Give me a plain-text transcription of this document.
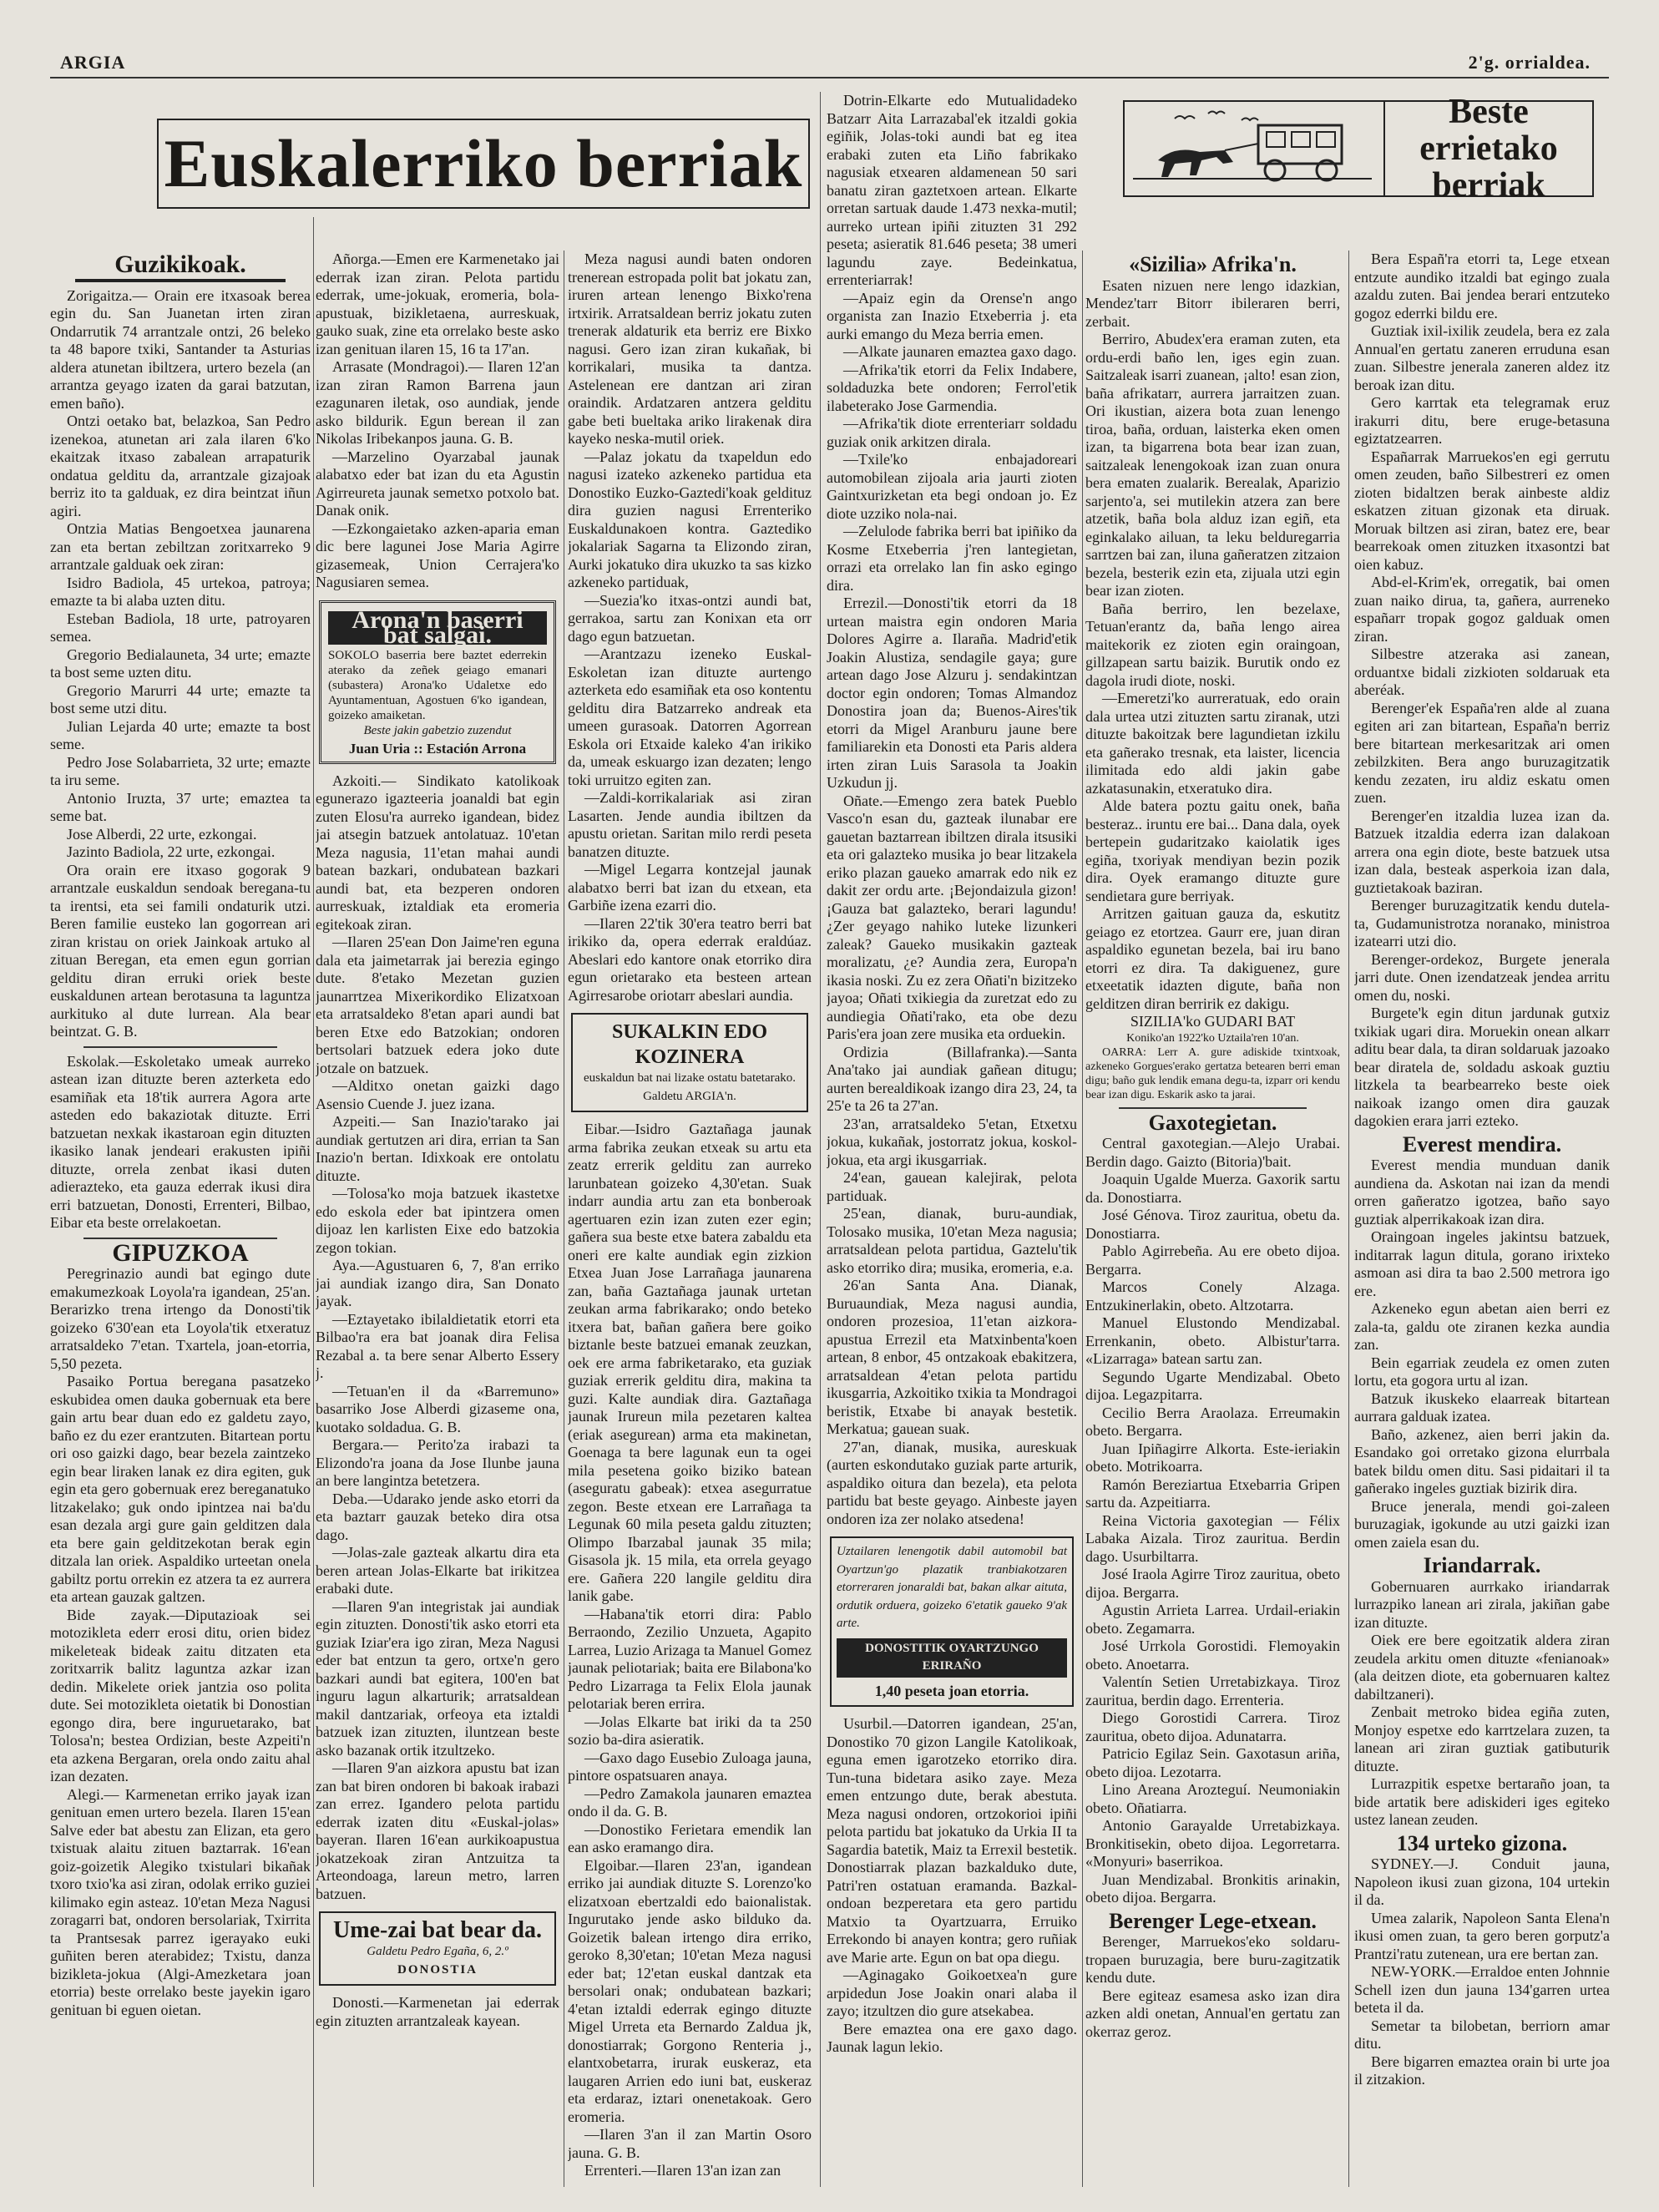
ARGIA	2'g. orrialdea.
Euskalerriko berriak
Beste errietako berriak
Guzikikoak.

Zorigaitza.— Orain ere itxasoak berea egin du. San Juanetan irten ziran Ondarrutik 74 arrantzale ontzi, 26 beleko ta 48 bapore txiki, Santander ta Asturias aldera atunetan ibiltzera, urtero bezela (an arrantza geyago izaten da garai batzutan, emen baño).

Ontzi oetako bat, belazkoa, San Pedro izenekoa, atunetan ari zala ilaren 6'ko ekaitzak itxaso zabalean arrapaturik ondatua gelditu da, arrantzale gizajoak berriz ito ta galduak, ez dira beintzat iñun agiri.

Ontzia Matias Bengoetxea jaunarena zan eta bertan zebiltzan zoritxarreko 9 arrantzale galduak oek ziran:

Isidro Badiola, 45 urtekoa, patroya; emazte ta bi alaba uzten ditu.

Esteban Badiola, 18 urte, patroyaren semea.

Gregorio Bedialauneta, 34 urte; emazte ta bost seme uzten ditu.

Gregorio Marurri 44 urte; emazte ta bost seme utzi ditu.

Julian Lejarda 40 urte; emazte ta bost seme.

Pedro Jose Solabarrieta, 32 urte; emazte ta iru seme.

Antonio Iruzta, 37 urte; emaztea ta seme bat.

Jose Alberdi, 22 urte, ezkongai.

Jazinto Badiola, 22 urte, ezkongai.

Ora orain ere itxaso gogorak 9 arrantzale euskaldun sendoak beregana-tu ta irentsi, eta sei famili ondaturik utzi. Beren familie eusteko lan gogorrean ari ziran kristau on oriek Jainkoak artuko al zituan Beregan, eta emen egun gorrian gelditu diran erruki oriek beste euskaldunen artean berotasuna ta laguntza aurkituko al dute lurrean. Ala bear beintzat. G. B.

Eskolak.—Eskoletako umeak aurreko astean izan dituzte beren azterketa edo esamiñak eta 18'tik aurrera Agora arte asteden edo bakaziotak dituzte. Erri batzuetan nexkak ikastaroan egin dituzten ikasiko lanak jendeari erakusten ipiñi dituzte, orrela zenbat ikasi duten adierazteko, eta gauza ederrak ikusi dira erri batzuetan, Donosti, Errenteri, Bilbao, Eibar eta beste orrelakoetan.

GIPUZKOA

Peregrinazio aundi bat egingo dute emakumezkoak Loyola'ra igandean, 25'an. Berarizko trena irtengo da Donosti'tik goizeko 6'30'ean eta Loyola'tik etxeratuz arratsaldeko 7'etan. Txartela, joan-etorria, 5,50 pezeta.

Pasaiko Portua beregana pasatzeko eskubidea omen dauka gobernuak eta bere gain artu bear duan edo ez galdetu zayo, baño ez du ezer erantzuten. Bitartean portu ori oso gaizki dago, bear bezela zaintzeko egin bear liraken lanak ez dira egiten, guk egin eta gero gobernuak erez bereganatuko litzakelako; guk ondo ipintzea nai ba'du esan dezala argi gure gain gelditzen dala eta bere gain gelditzekotan berak egin ditzala lan oriek. Aspaldiko urteetan onela gabiltz portu orrekin ez atzera ta ez aurrera eta artean gauzak galtzen.

Bide zayak.—Diputazioak sei motozikleta ederr erosi ditu, orien bidez mikeleteak bideak zaitu ditzaten eta zoritxarrik balitz laguntza azkar izan dedin. Mikelete oriek jantzia oso polita dute. Sei motozikleta oietatik bi Donostian egongo dira, bere inguruetarako, bat Tolosa'n; bestea Ordizian, beste Azpeiti'n eta azkena Bergaran, orela ondo zaitu ahal izan dezaten.

Alegi.— Karmenetan erriko jayak izan genituan emen urtero bezela. Ilaren 15'ean Salve eder bat abestu zan Elizan, eta gero txistuak alaitu zituen baztarrak. 16'ean goiz-goizetik Alegiko txistulari bikañak txoro txio'ka asi ziran, odolak erriko guziei kilimako egin asteaz. 10'etan Meza Nagusi zoragarri bat, ondoren bersolariak, Txirrita ta Prantsesak parrez igerayako euki guñiten beren aterabidez; Txistu, danza bizikleta-jokua (Algi-Amezketara joan etorria) beste orrelako beste jayekin igaro genituan bi eguen oietan.

Añorga.—Emen ere Karmenetako jai ederrak izan ziran. Pelota partidu ederrak, ume-jokuak, eromeria, bola-apustuak, bizikletaena, aurreskuak, gauko suak, zine eta orrelako beste asko izan genituan ilaren 15, 16 ta 17'an.

Arrasate (Mondragoi).— Ilaren 12'an izan ziran Ramon Barrena jaun ezagunaren iletak, oso aundiak, jende asko bildurik. Egun berean il zan Nikolas Iribekanpos jauna. G. B.

—Marzelino Oyarzabal jaunak alabatxo eder bat izan du eta Agustin Agirreureta jaunak semetxo potxolo bat. Danak onik.

—Ezkongaietako azken-aparia eman dic bere lagunei Jose Maria Agirre gizasemeak, Union Cerrajera'ko Nagusiaren semea.

Arona'n baserri bat salgai.
SOKOLO baserria bere baztet ederrekin aterako da zeñek geiago emanari (subastera) Arona'ko Udaletxe edo Ayuntamentuan, Agostuen 6'ko igandean, goizeko amaiketan.
Beste jakin gabetzio zuzendut
Juan Uria :: Estación Arrona

Azkoiti.— Sindikato katolikoak egunerazo igazteeria joanaldi bat egin zuten Elosu'ra aurreko igandean, bidez jai atsegin batzuek antolatuaz. 10'etan Meza nagusia, 11'etan mahai aundi batean bazkari, ondubatean bazkari aundi bat, eta bezperen ondoren aurreskuak, iztaldiak eta eromeria egitekoak ziran.

—Ilaren 25'ean Don Jaime'ren eguna dala eta jaimetarrak jai berezia egingo dute. 8'etako Mezetan guzien jaunarrtzea Mixerikordiko Elizatxoan eta arratsaldeko 8'etan apari aundi bat beren Etxe edo Batzokian; ondoren bertsolari batzuek edera joko dute jotzale on batzuek.

—Alditxo onetan gaizki dago Asensio Cuende J. juez izana.

Azpeiti.— San Inazio'tarako jai aundiak gertutzen ari dira, errian ta San Inazio'n bertan. Idixkoak ere ontolatu dituzte.

—Tolosa'ko moja batzuek ikastetxe edo eskola eder bat ipintzera omen dijoaz len karlisten Eixe edo batzokia zegon tokian.

Aya.—Agustuaren 6, 7, 8'an erriko jai aundiak izango dira, San Donato jayak.

—Eztayetako ibilaldietatik etorri eta Bilbao'ra era bat joanak dira Felisa Rezabal a. ta bere senar Alberto Essery j.

—Tetuan'en il da «Barremuno» basarriko Jose Alberdi gizaseme ona, kuotako soldadua. G. B.

Bergara.— Perito'za irabazi ta Elizondo'ra joana da Jose Ilunbe jauna an bere langintza betetzera.

Deba.—Udarako jende asko etorri da eta baztarr gauzak beteko dira otsa dago.

—Jolas-zale gazteak alkartu dira eta beren artean Jolas-Elkarte bat irikitzea erabaki dute.

—Ilaren 9'an integristak jai aundiak egin zituzten. Donosti'tik asko etorri eta guziak Iziar'era igo ziran, Meza Nagusi eder bat entzun ta gero, ortxe'n gero bazkari aundi bat egitera, 100'en bat inguru lagun alkarturik; arratsaldean makil dantzariak, orfeoya eta iztaldi batzuek izan zituzten, iluntzean beste asko bazanak ortik itzultzeko.

—Ilaren 9'an aizkora apustu bat izan zan bat biren ondoren bi bakoak irabazi zan errez. Igandero pelota partidu ederrak izaten ditu «Euskal-jolas» bayeran. Ilaren 16'ean aurkikoapustua jokatzekoak ziran Antzuitza ta Arteondoaga, lareun metro, larren batzuen.

Ume-zai bat bear da.
Galdetu Pedro Egaña, 6, 2.º
DONOSTIA

Donosti.—Karmenetan jai ederrak egin zituzten arrantzaleak kayean.

Meza nagusi aundi baten ondoren trenerean estropada polit bat jokatu zan, iruren artean lenengo Bixko'rena irtxirik. Arratsaldean berriz jokatu zuten trenerak aldaturik eta berriz ere Bixko nagusi. Gero izan ziran kukañak, bi korrikalari, musika ta dantza. Astelenean ere dantzan ari ziran oraindik. Ardatzaren antzera gelditu gabe beti bueltaka ariko lirakenak dira kayeko neska-mutil oriek.

—Palaz jokatu da txapeldun edo nagusi izateko azkeneko partidua eta Donostiko Euzko-Gaztedi'koak geldituz dira guzien nagusi Errenteriko Euskaldunakoen kontra. Gaztediko jokalariak Sagarna ta Elizondo ziran, Aurki jokatuko dira ukuzko ta sas kizko azkeneko partiduak,

—Suezia'ko itxas-ontzi aundi bat, gerrakoa, sartu zan Konixan eta orr dago egun batzuetan.

—Arantzazu izeneko Euskal-Eskoletan izan dituzte aurtengo azterketa edo esamiñak eta oso kontentu gelditu dira Batzarreko andreak eta umeen gurasoak. Datorren Agorrean Eskola ori Etxaide kaleko 4'an irikiko da, umeak eskuargo izan dezaten; lengo toki urruitzo egiten zan.

—Zaldi-korrikalariak asi ziran Lasarten. Jende aundia ibiltzen da apustu orietan. Saritan milo rerdi peseta banatzen dituzte.

—Migel Legarra kontzejal jaunak alabatxo berri bat izan du etxean, eta Garbiñe izena ezarri dio.

—Ilaren 22'tik 30'era teatro berri bat irikiko da, opera ederrak eraldúaz. Abeslari edo kantore onak etorriko dira egun orietarako eta besteen artean Agirresarobe oriotarr abeslari aundia.

SUKALKIN EDO KOZINERA
euskaldun bat nai lizake ostatu batetarako. Galdetu ARGIA'n.

Eibar.—Isidro Gaztañaga jaunak arma fabrika zeukan etxeak su artu eta zeatz errerik gelditu zan aurreko larunbatean goizeko 4,30'etan. Suak indarr aundia artu zan eta bonberoak agertuaren ezin izan zuten ezer egin; gañera sua beste etxe batera zabaldu eta oneri ere kalte aundiak egin zizkion Etxea Juan Jose Larrañaga jaunarena zan, baña Gaztañaga jaunak urtetan zeukan arma fabrikarako; ondo beteko itxera bat, bañan gañera bere goiko biztanle beste batzuei emanak zeuzkan, oek ere arma fabriketarako, eta guziak guziak errerik gelditu dira, makina ta guzi. Kalte aundiak dira. Gaztañaga jaunak Irureun mila pezetaren kaltea (eriak asegurean) arma eta makinetan, Goenaga ta bere lagunak eun ta ogei mila pesetena goiko biziko batean (aseguratu gabeak): etxea asegurratue zegon. Beste etxean ere Larrañaga ta Legunak 60 mila peseta galdu zituzten; Olimpo Ibarzabal jaunak 35 mila; Gisasola jk. 15 mila, eta orrela geyago ere. Gañera 220 langile gelditu dira lanik gabe.

—Habana'tik etorri dira: Pablo Berraondo, Zezilio Unzueta, Agapito Larrea, Luzio Arizaga ta Manuel Gomez jaunak peliotariak; baita ere Bilabona'ko Pedro Lizarraga ta Felix Elola jaunak pelotariak beren errira.

—Jolas Elkarte bat iriki da ta 250 sozio ba-dira asieratik.

—Gaxo dago Eusebio Zuloaga jauna, pintore ospatsuaren anaya.

—Pedro Zamakola jaunaren emaztea ondo il da. G. B.

—Donostiko Ferietara emendik lan ean asko eramango dira.

Elgoibar.—Ilaren 23'an, igandean erriko jai aundiak dituzte S. Lorenzo'ko elizatxoan ebertzaldi edo baionalistak. Ingurutako jende asko bilduko da. Goizetik balean irtengo dira erriko, geroko 8,30'etan; 10'etan Meza nagusi eder bat; 12'etan euskal dantzak eta bersolari onak; ondubatean bazkari; 4'etan iztaldi ederrak egingo dituzte Migel Urreta eta Bernardo Zaldua jk, donostiarrak; Gorgono Renteria j., elantxobetarra, irurak euskeraz, eta laugaren Arrien edo iuni bat, euskeraz eta erdaraz, iztari onenetakoak. Gero eromeria.

—Ilaren 3'an il zan Martin Osoro jauna. G. B.

Errenteri.—Ilaren 13'an izan zan

Dotrin-Elkarte edo Mutualidadeko Batzarr Aita Larrazabal'ek itzaldi gokia egiñik, Jolas-toki aundi bat eg itea erabaki zuten eta Liño fabrikako nagusiak etxearen aldamenean 50 sari banatu ziran gaztetxoen artean. Elkarte orretan sartuak daude 1.473 nexka-mutil; aurreko urtean ipiñi zituzten 31 292 peseta; asieratik 81.646 peseta; 38 umeri lagundu zaye. Bedeinkatua, errenteriarrak!

—Apaiz egin da Orense'n ango organista zan Inazio Etxeberria j. eta aurki emango du Meza berria emen.

—Alkate jaunaren emaztea gaxo dago.

—Afrika'tik etorri da Felix Indabere, soldaduzka bete ondoren; Ferrol'etik ilabeterako Jose Garmendia.

—Afrika'tik diote errenteriarr soldadu guziak onik arkitzen dirala.

—Txile'ko enbajadoreari automobilean zijoala aria jaurti zioten Gaintxurizketan eta begi ondoan jo. Ez diote uzziko nola-nai.

—Zelulode fabrika berri bat ipiñiko da Kosme Etxeberria j'ren lantegietan, orrazi eta orrelako lan fin asko egingo dira.

Errezil.—Donosti'tik etorri da 18 urtean maistra egin ondoren Maria Dolores Agirre a. Ilaraña. Madrid'etik Joakin Alustiza, sendagile gaya; gure artean dago Jose Alzuru j. sendakintzan doctor egin ondoren; Tomas Almandoz Donostira joan da; Buenos-Aires'tik etorri da Migel Aranburu jaune bere familiarekin eta Donosti eta Paris aldera irten ziran Luis Sarasola ta Joakin Uzkudun jj.

Oñate.—Emengo zera batek Pueblo Vasco'n esan du, gazteak ilunabar ere gauetan baztarrean ibiltzen dirala itsusiki eta ori galazteko musika jo bear litzakela eriko plazan gaueko amarrak edo nik ez dakit zer ordu arte. ¡Bejondaizula gizon! ¡Gauza bat galazteko, berari lagundu! ¿Zer geyago nahiko luteke lizunkeri zaleak? Gaueko musikakin gazteak moralizatu, ¿e? Aundia zera, Europa'n ikasia noski. Zu ez zera Oñati'n bizitzeko jayoa; Oñati txikiegia da zuretzat edo zu aundiegia Oñati'rako, eta obe dezu Paris'era joan zere musika eta orduekin.

Ordizia (Billafranka).—Santa Ana'tako jai aundiak gañean ditugu; aurten berealdikoak izango dira 23, 24, ta 25'e ta 26 ta 27'an.

23'an, arratsaldeko 5'etan, Etxetxu jokua, kukañak, jostorratz jokua, koskol-jokua, eta argi ikusgarriak.

24'ean, gauean kalejirak, pelota partiduak.

25'ean, dianak, buru-aundiak, Tolosako musika, 10'etan Meza nagusia; arratsaldean pelota partidua, Gaztelu'tik asko etorriko dira; musika, eromeria, e.a.

26'an Santa Ana. Dianak, Buruaundiak, Meza nagusi aundia, ondoren prozesioa, 11'etan aizkora-apustua Errezil eta Matxinbenta'koen artean, 8 enbor, 45 ontzakoak ebakitzera, arratsaldean 4'etan pelota partidu ikusgarria, Azkoitiko txikia ta Mondragoi beristik, Etxabe bi anayak bestetik. Merkatua; gauean suak.

27'an, dianak, musika, aureskuak (aurten eskondutako guziak parte arturik, aspaldiko oitura dan bezela), eta pelota partidu bat beste geyago. Ainbeste jayen ondoren iza zer nolako atsedena!

Uztailaren lenengotik dabil automobil bat Oyartzun'go plazatik tranbiakotzaren etorreraren jonaraldi bat, bakan alkar aituta, ordutik orduera, goizeko 6'etatik gaueko 9'ak arte.
DONOSTITIK OYARTZUNGO ERIRAÑO
1,40 peseta joan etorria.

Usurbil.—Datorren igandean, 25'an, Donostiko 70 gizon Langile Katolikoak, eguna emen igarotzeko etorriko dira. Tun-tuna bidetara asiko zaye. Meza emen entzungo dute, berak abestuta. Meza nagusi ondoren, ortzokorioi ipiñi pelota partidu bat jokatuko da Urkia II ta Sagardia batetik, Maiz ta Errexil bestetik. Donostiarrak plazan bazkalduko dute, Patri'ren ostatuan eramanda. Bazkal-ondoan bezperetara eta gero partidu Matxio ta Oyartzuarra, Erruiko Errekondo bi anayen kontra; gero ruñiak ave Marie arte. Egun on bat opa diegu.

—Aginagako Goikoetxea'n gure arpidedun Jose Joakin onari alaba il zayo; itzultzen dio gure atsekabea.

Bere emaztea ona ere gaxo dago. Jaunak lagun lekio.

«Sizilia» Afrika'n.

Esaten nizuen nere lengo idazkian, Mendez'tarr Bitorr ibileraren berri, zerbait.

Berriro, Abudex'era eraman zuten, eta ordu-erdi baño len, iges egin zuan. Saitzaleak isarri zuanean, ¡alto! esan zion, baña afrikatarr, aurrera jarraitzen zuan. Ori ikustian, aizera bota zuan lenengo tiroa, baña, orduan, laisterka eken omen izan, ta bigarrena bota bear izan zuan, saitzaleak lenengokoak izan zuan onura bera ematen zualarik. Berealak, Aparizio sarjento'a, sei mutilekin atzera zan bere atzetik, baña bola alduz izan egiñ, eta eginkalako ailuan, ta leku belduregarria sarrtzen bai zan, iluna gañeratzen zitzaion bezela, besterik ezin eta, zijuala utzi egin bear izan zioten.

Baña berriro, len bezelaxe, Tetuan'erantz da, baña lengo airea maitekorik ez zioten egin oraingoan, gillzapean sartu baizik. Burutik ondo ez dagola irudi diote, noski.

—Emeretzi'ko aurreratuak, edo orain dala urtea utzi zituzten sartu ziranak, utzi dituzte bakoitzak bere lagundietan izkilu eta gañerako tresnak, eta laister, licencia ilimitada edo aldi jakin gabe azkatasunakin, etxeratuko dira.

Alde batera poztu gaitu onek, baña besteraz.. iruntu ere bai... Dana dala, oyek bertepein gudaritzako kaiolatik iges egiña, txoriyak mendiyan bezin pozik dira. Oyek eramango dituzte gure sendietara gure berriyak.

Arritzen gaituan gauza da, eskutitz geiago ez etortzea. Gaurr ere, juan diran aspaldiko egunetan bezela, bai iru bano etorri ez dira. Ta dakiguenez, gure etxeetatik idazten digute, baña non gelditzen diran berririk ez dakigu.

SIZILIA'ko GUDARI BAT

Koniko'an 1922'ko Uztaila'ren 10'an.

OARRA: Lerr A. gure adiskide txintxoak, azkeneko Gorgues'erako gertatza betearen berri eman digu; baño guk lendik emana degu-ta, izparr ori kendu bear izan digu. Eskarik asko ta jarai.

Gaxotegietan.

Central gaxotegian.—Alejo Urabai. Berdin dago. Gaizto (Bitoria)'bait.

Joaquin Ugalde Muerza. Gaxorik sartu da. Donostiarra.

José Génova. Tiroz zauritua, obetu da. Donostiarra.

Pablo Agirrebeña. Au ere obeto dijoa. Bergarra.

Marcos Conely Alzaga. Entzukinerlakin, obeto. Altzotarra.

Manuel Elustondo Mendizabal. Errenkanin, obeto. Albistur'tarra. «Lizarraga» batean sartu zan.

Segundo Ugarte Mendizabal. Obeto dijoa. Legazpitarra.

Cecilio Berra Araolaza. Erreumakin obeto. Bergarra.

Juan Ipiñagirre Alkorta. Este-ieriakin obeto. Motrikoarra.

Ramón Bereziartua Etxebarria Gripen sartu da. Azpeitiarra.

Reina Victoria gaxotegian — Félix Labaka Aizala. Tiroz zauritua. Berdin dago. Usurbiltarra.

José Iraola Agirre Tiroz zauritua, obeto dijoa. Bergarra.

Agustin Arrieta Larrea. Urdail-eriakin obeto. Zegamarra.

José Urrkola Gorostidi. Flemoyakin obeto. Anoetarra.

Valentín Setien Urretabizkaya. Tiroz zauritua, berdin dago. Errenteria.

Diego Gorostidi Carrera. Tiroz zauritua, obeto dijoa. Adunatarra.

Patricio Egilaz Sein. Gaxotasun ariña, obeto dijoa. Lezotarra.

Lino Areana Arozteguí. Neumoniakin obeto. Oñatiarra.

Antonio Garayalde Urretabizkaya. Bronkitisekin, obeto dijoa. Legorretarra. «Monyuri» baserrikoa.

Juan Mendizabal. Bronkitis arinakin, obeto dijoa. Bergarra.

Berenger Lege-etxean.

Berenger, Marruekos'eko soldaru-tropaen buruzagia, bere buru-zagitzatik kendu dute.

Bere egiteaz esamesa asko izan dira azken aldi onetan, Annual'en gertatu zan okerraz geroz.

Bera Españ'ra etorri ta, Lege etxean entzute aundiko itzaldi bat egingo zuala azaldu zuten. Bai jendea berari entzuteko gogoz ederrki bildu ere.

Guztiak ixil-ixilik zeudela, bera ez zala Annual'en gertatu zaneren erruduna esan zuan. Silbestre jenerala zaneren aldez itz beroak izan ditu.

Gero karrtak eta telegramak eruz irakurri ditu, bere eruge-betasuna egiztatzearren.

Españarrak Marruekos'en egi gerrutu omen zeuden, baño Silbestreri ez omen zioten bidaltzen berak ainbeste aldiz eskatzen zituan gizonak eta diruak. Moruak biltzen asi ziran, batez ere, bear bearrekoak omen zituzken itxasontzi bat oien kabuz.

Abd-el-Krim'ek, orregatik, bai omen zuan naiko dirua, ta, gañera, aurreneko españarr tropak gogoz galduak omen ziran.

Silbestre atzeraka asi zanean, orduantxe bidali zizkioten soldaruak eta aberéak.

Berenger'ek España'ren alde al zuana egiten ari zan bitartean, España'n berriz bere bitartean merkesaritzak ari omen zebilzkiten. Bera ango buruzagitzatik kendu zezaten, iru aldiz eskatu omen zuen.

Berenger'en itzaldia luzea izan da. Batzuek itzaldia ederra izan dalakoan arrera ona egin diote, beste batzuek utsa izan dala, besteak asperkoia izan dala, guztietakoak baziran.

Berenger buruzagitzatik kendu dutela-ta, Gudamunistrotza noranako, ministroa izatearri utzi dio.

Berenger-ordekoz, Burgete jenerala jarri dute. Onen izendatzeak jendea arritu omen du, noski.

Burgete'k egin ditun jardunak gutxiz txikiak ugari dira. Moruekin onean alkarr aditu bear dala, ta diran soldaruak jazoako bear diratela de, soldadu askoak guztiu litzkela ta bearbearreko beste oiek naikoak izango omen dira gauzak dagokien erara jarri ezteko.

Everest mendira.

Everest mendia munduan danik aundiena da. Askotan nai izan da mendi orren gañeratzo igotzea, baño sayo guztiak alperrikakoak izan dira.

Oraingoan ingeles jakintsu batzuek, inditarrak lagun ditula, gorano irixteko asmoan asi dira ta bao 2.500 metrora igo ere.

Azkeneko egun abetan aien berri ez zala-ta, galdu ote ziranen kezka aundia zan.

Bein egarriak zeudela ez omen zuten lortu, eta gogora urtu al izan.

Batzuk ikuskeko elaarreak bitartean aurrara galduak izatea.

Baño, azkenez, aien berri jakin da. Esandako goi orretako gizona elurrbala batek bildu omen ditu. Sasi pidaitari il ta gañerako ingeles guztiak bizirik dira.

Bruce jenerala, mendi goi-zaleen buruzagiak, igokunde au utzi gaizki izan omen zaiela esan du.

Iriandarrak.

Gobernuaren aurrkako iriandarrak lurrazpiko lanean ari zirala, jakiñan gabe izan dituzte.

Oiek ere bere egoitzatik aldera ziran zeudela arkitu omen dituzte «fenianoak» (ala deitzen diote, eta gobernuaren kaltez dabiltzaneri).

Zenbait metroko bidea egiña zuten, Monjoy espetxe edo karrtzelara zuzen, ta lanean ari ziran guztiak gatibuturik dituzte.

Lurrazpitik espetxe bertaraño joan, ta bide artatik bere adiskideri iges egiteko ustez lanean zeuden.

134 urteko gizona.

SYDNEY.—J. Conduit jauna, Napoleon ikusi zuan gizona, 104 urtekin il da.

Umea zalarik, Napoleon Santa Elena'n ikusi omen zuan, ta gero beren gorputz'a Prantzi'ratu zutenean, ura ere bertan zan.

NEW-YORK.—Erraldoe enten Johnnie Schell izen dun jauna 134'garren urtea beteta il da.

Semetar ta bilobetan, berriorn amar ditu.

Bere bigarren emaztea orain bi urte joa il zitzakion.
